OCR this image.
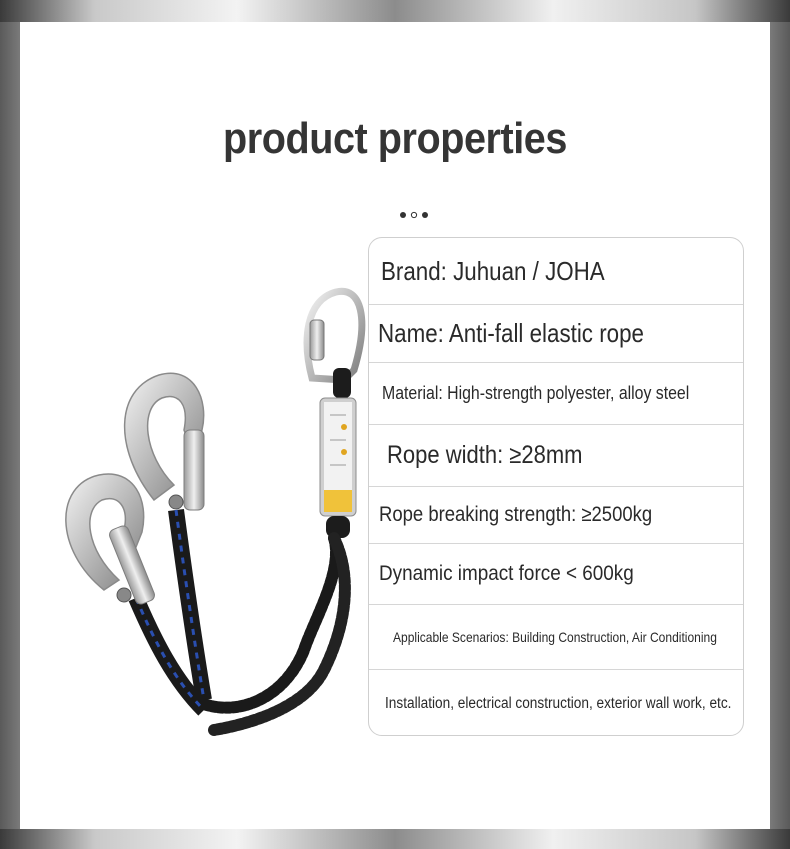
product properties
Brand: Juhuan / JOHA
Name: Anti-fall elastic rope
Material: High-strength polyester, alloy steel
Rope width: ≥28mm
Rope breaking strength: ≥2500kg
Dynamic impact force < 600kg
Applicable Scenarios: Building Construction, Air Conditioning
Installation, electrical construction, exterior wall work, etc.
